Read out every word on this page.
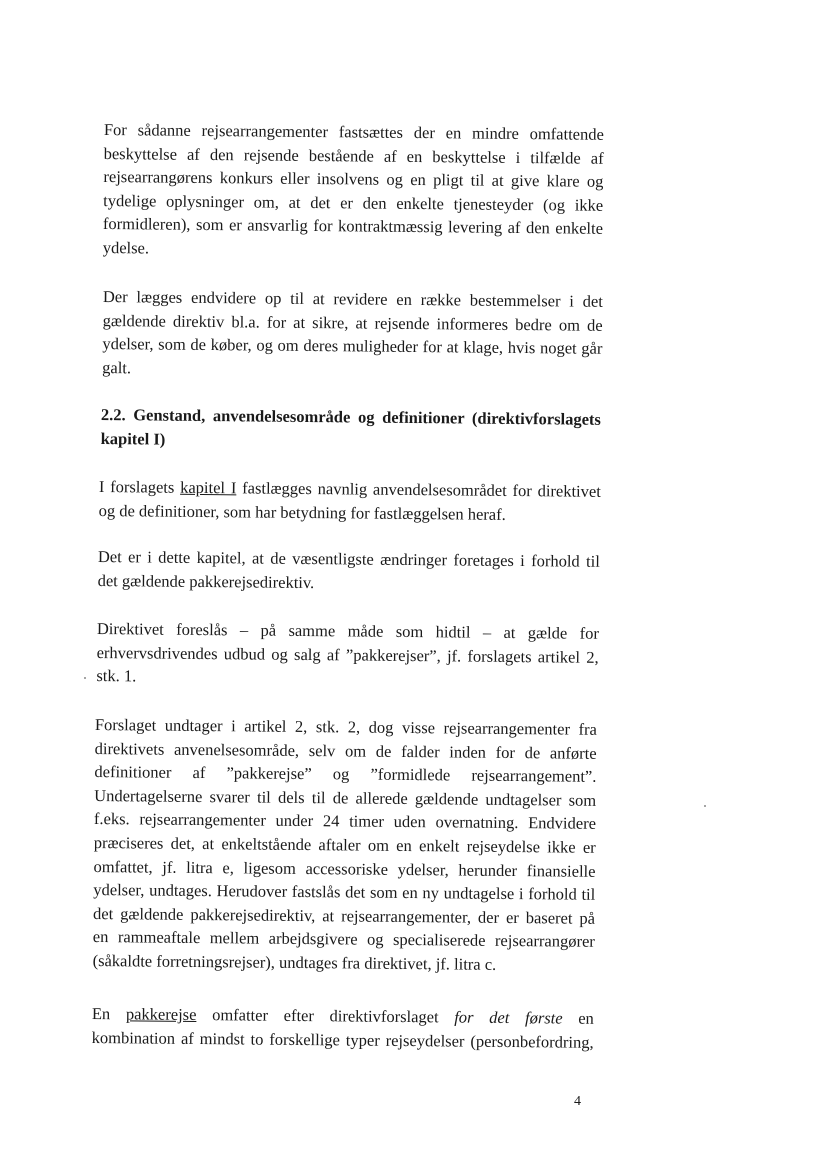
For sådanne rejsearrangementer fastsættes der en mindre omfattende
beskyttelse af den rejsende bestående af en beskyttelse i tilfælde af
rejsearrangørens konkurs eller insolvens og en pligt til at give klare og
tydelige oplysninger om, at det er den enkelte tjenesteyder (og ikke
formidleren), som er ansvarlig for kontraktmæssig levering af den enkelte
ydelse.
Der lægges endvidere op til at revidere en række bestemmelser i det
gældende direktiv bl.a. for at sikre, at rejsende informeres bedre om de
ydelser, som de køber, og om deres muligheder for at klage, hvis noget går
galt.
2.2. Genstand, anvendelsesområde og definitioner (direktivforslagets
kapitel I)
I forslagets kapitel I fastlægges navnlig anvendelsesområdet for direktivet
og de definitioner, som har betydning for fastlæggelsen heraf.
Det er i dette kapitel, at de væsentligste ændringer foretages i forhold til
det gældende pakkerejsedirektiv.
Direktivet foreslås – på samme måde som hidtil – at gælde for
erhvervsdrivendes udbud og salg af ”pakkerejser”, jf. forslagets artikel 2,
stk. 1.
Forslaget undtager i artikel 2, stk. 2, dog visse rejsearrangementer fra
direktivets anvenelsesområde, selv om de falder inden for de anførte
definitioner af ”pakkerejse” og ”formidlede rejsearrangement”.
Undertagelserne svarer til dels til de allerede gældende undtagelser som
f.eks. rejsearrangementer under 24 timer uden overnatning. Endvidere
præciseres det, at enkeltstående aftaler om en enkelt rejseydelse ikke er
omfattet, jf. litra e, ligesom accessoriske ydelser, herunder finansielle
ydelser, undtages. Herudover fastslås det som en ny undtagelse i forhold til
det gældende pakkerejsedirektiv, at rejsearrangementer, der er baseret på
en rammeaftale mellem arbejdsgivere og specialiserede rejsearrangører
(såkaldte forretningsrejser), undtages fra direktivet, jf. litra c.
En pakkerejse omfatter efter direktivforslaget for det første en
kombination af mindst to forskellige typer rejseydelser (personbefordring,
4
